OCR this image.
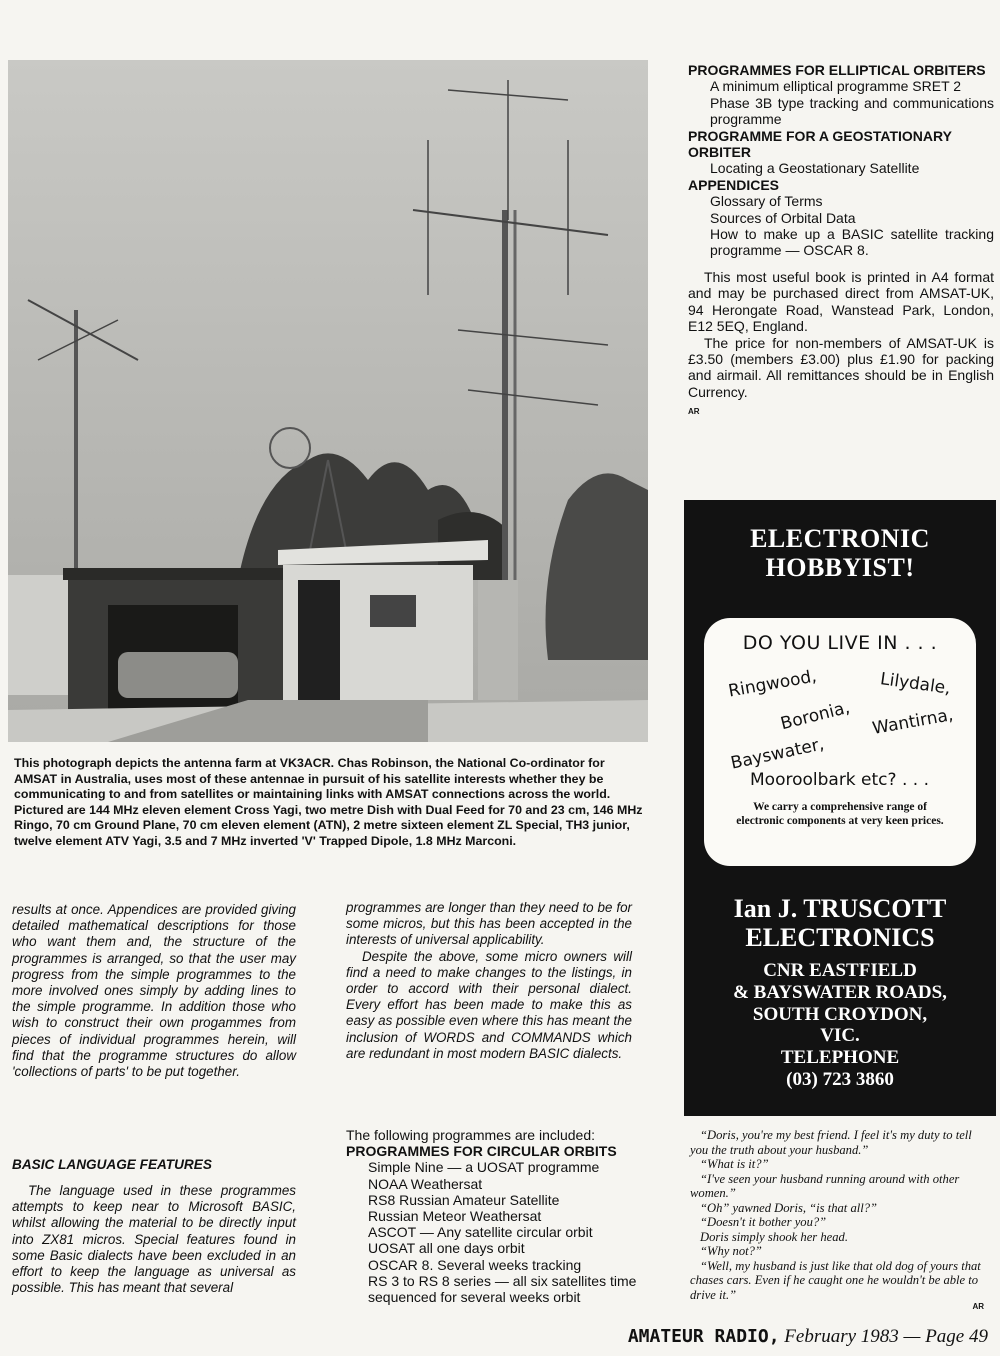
This photograph depicts the antenna farm at VK3ACR. Chas Robinson, the National Co-ordinator for AMSAT in Australia, uses most of these antennae in pursuit of his satellite interests whether they be communicating to and from satellites or maintaining links with AMSAT connections across the world.

Pictured are 144 MHz eleven element Cross Yagi, two metre Dish with Dual Feed for 70 and 23 cm, 146 MHz Ringo, 70 cm Ground Plane, 70 cm eleven element (ATN), 2 metre sixteen element ZL Special, TH3 junior, twelve element ATV Yagi, 3.5 and 7 MHz inverted 'V' Trapped Dipole, 1.8 MHz Marconi.

results at once. Appendices are provided giving detailed mathematical descriptions for those who want them and, the structure of the programmes is arranged, so that the user may progress from the simple programmes to the more involved ones simply by adding lines to the simple programme. In addition those who wish to construct their own progammes from pieces of individual programmes herein, will find that the programme structures do allow 'collections of parts' to be put together.

BASIC LANGUAGE FEATURES

The language used in these programmes attempts to keep near to Microsoft BASIC, whilst allowing the material to be directly input into ZX81 micros. Special features found in some Basic dialects have been excluded in an effort to keep the language as universal as possible. This has meant that several

programmes are longer than they need to be for some micros, but this has been accepted in the interests of universal applicability.

Despite the above, some micro owners will find a need to make changes to the listings, in order to accord with their personal dialect. Every effort has been made to make this as easy as possible even where this has meant the inclusion of WORDS and COMMANDS which are redundant in most modern BASIC dialects.

The following programmes are included:
PROGRAMMES FOR CIRCULAR ORBITS
Simple Nine — a UOSAT programme
NOAA Weathersat
RS8 Russian Amateur Satellite
Russian Meteor Weathersat
ASCOT — Any satellite circular orbit
UOSAT all one days orbit
OSCAR 8. Several weeks tracking
RS 3 to RS 8 series — all six satellites time sequenced for several weeks orbit
PROGRAMMES FOR ELLIPTICAL ORBITERS
A minimum elliptical programme SRET 2
Phase 3B type tracking and communications programme
PROGRAMME FOR A GEOSTATIONARY ORBITER
Locating a Geostationary Satellite
APPENDICES
Glossary of Terms
Sources of Orbital Data
How to make up a BASIC satellite tracking programme — OSCAR 8.

This most useful book is printed in A4 format and may be purchased direct from AMSAT-UK, 94 Herongate Road, Wanstead Park, London, E12 5EQ, England.

The price for non-members of AMSAT-UK is £3.50 (members £3.00) plus £1.90 for packing and airmail. All remittances should be in English Currency.

AR
ELECTRONIC
HOBBYIST!
DO YOU LIVE IN . . .
Ringwood,	Lilydale,
Boronia, Wantirna,
Bayswater,
Mooroolbark etc? . . .
We carry a comprehensive range of electronic components at very keen prices.
Ian J. TRUSCOTT
ELECTRONICS
CNR EASTFIELD
& BAYSWATER ROADS,
SOUTH CROYDON,
VIC.
TELEPHONE
(03) 723 3860

“Doris, you're my best friend. I feel it's my duty to tell you the truth about your husband.”

“What is it?”

“I've seen your husband running around with other women.”

“Oh” yawned Doris, “is that all?”

“Doesn't it bother you?”

Doris simply shook her head.

“Why not?”

“Well, my husband is just like that old dog of yours that chases cars. Even if he caught one he wouldn't be able to drive it.”

AR
AMATEUR RADIO, February 1983 — Page 49
